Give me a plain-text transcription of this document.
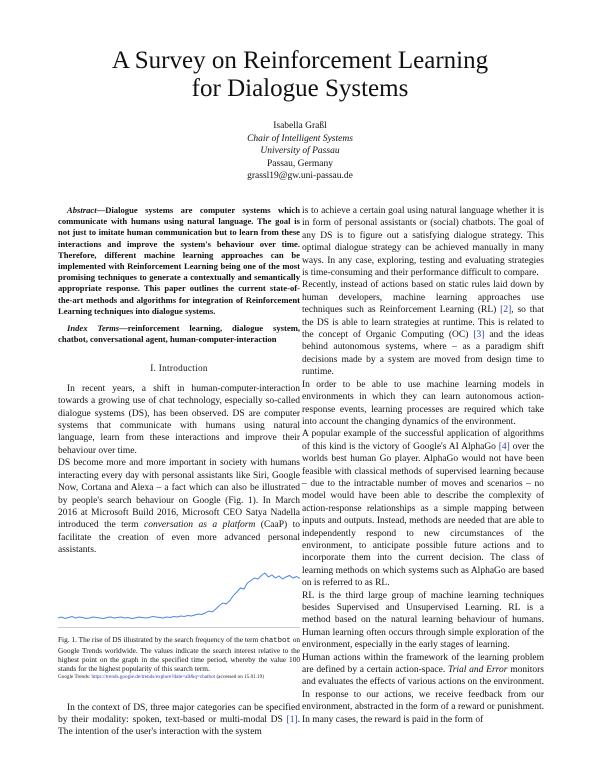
A Survey on Reinforcement Learning
for Dialogue Systems
Isabella Graßl
Chair of Intelligent Systems
University of Passau
Passau, Germany
grassl19@gw.uni-passau.de

Abstract—Dialogue systems are computer systems which communicate with humans using natural language. The goal is not just to imitate human communication but to learn from these interactions and improve the system's behaviour over time. Therefore, different machine learning approaches can be implemented with Reinforcement Learning being one of the most promising techniques to generate a contextually and semantically appropriate response. This paper outlines the current state-of-the-art methods and algorithms for integration of Reinforcement Learning techniques into dialogue systems.

Index Terms—reinforcement learning, dialogue system, chatbot, conversational agent, human-computer-interaction

I. Introduction

In recent years, a shift in human-computer-interaction towards a growing use of chat technology, especially so-called dialogue systems (DS), has been observed. DS are computer systems that communicate with humans using natural language, learn from these interactions and improve their behaviour over time.

DS become more and more important in society with humans interacting every day with personal assistants like Siri, Google Now, Cortana and Alexa – a fact which can also be illustrated by people's search behaviour on Google (Fig. 1). In March 2016 at Microsoft Build 2016, Microsoft CEO Satya Nadella introduced the term conversation as a platform (CaaP) to facilitate the creation of even more advanced personal assistants.

Fig. 1. The rise of DS illustrated by the search frequency of the term chatbot on Google Trends worldwide. The values indicate the search interest relative to the highest point on the graph in the specified time period, whereby the value 100 stands for the highest popularity of this search term.

Google Trends: https://trends.google.de/trends/explore?date=all&q=chatbot (accessed on 15.01.19)

In the context of DS, three major categories can be specified by their modality: spoken, text-based or multi-modal DS [1]. The intention of the user's interaction with the system

is to achieve a certain goal using natural language whether it is in form of personal assistants or (social) chatbots. The goal of any DS is to figure out a satisfying dialogue strategy. This optimal dialogue strategy can be achieved manually in many ways. In any case, exploring, testing and evaluating strategies is time-consuming and their performance difficult to compare.

Recently, instead of actions based on static rules laid down by human developers, machine learning approaches use techniques such as Reinforcement Learning (RL) [2], so that the DS is able to learn strategies at runtime. This is related to the concept of Organic Computing (OC) [3] and the ideas behind autonomous systems, where – as a paradigm shift decisions made by a system are moved from design time to runtime.

In order to be able to use machine learning models in environments in which they can learn autonomous action-response events, learning processes are required which take into account the changing dynamics of the environment.

A popular example of the successful application of algorithms of this kind is the victory of Google's AI AlphaGo [4] over the worlds best human Go player. AlphaGo would not have been feasible with classical methods of supervised learning because – due to the intractable number of moves and scenarios – no model would have been able to describe the complexity of action-response relationships as a simple mapping between inputs and outputs. Instead, methods are needed that are able to independently respond to new circumstances of the environment, to anticipate possible future actions and to incorporate them into the current decision. The class of learning methods on which systems such as AlphaGo are based on is referred to as RL.

RL is the third large group of machine learning techniques besides Supervised and Unsupervised Learning. RL is a method based on the natural learning behaviour of humans. Human learning often occurs through simple exploration of the environment, especially in the early stages of learning.

Human actions within the framework of the learning problem are defined by a certain action-space. Trial and Error monitors and evaluates the effects of various actions on the environment. In response to our actions, we receive feedback from our environment, abstracted in the form of a reward or punishment. In many cases, the reward is paid in the form of
